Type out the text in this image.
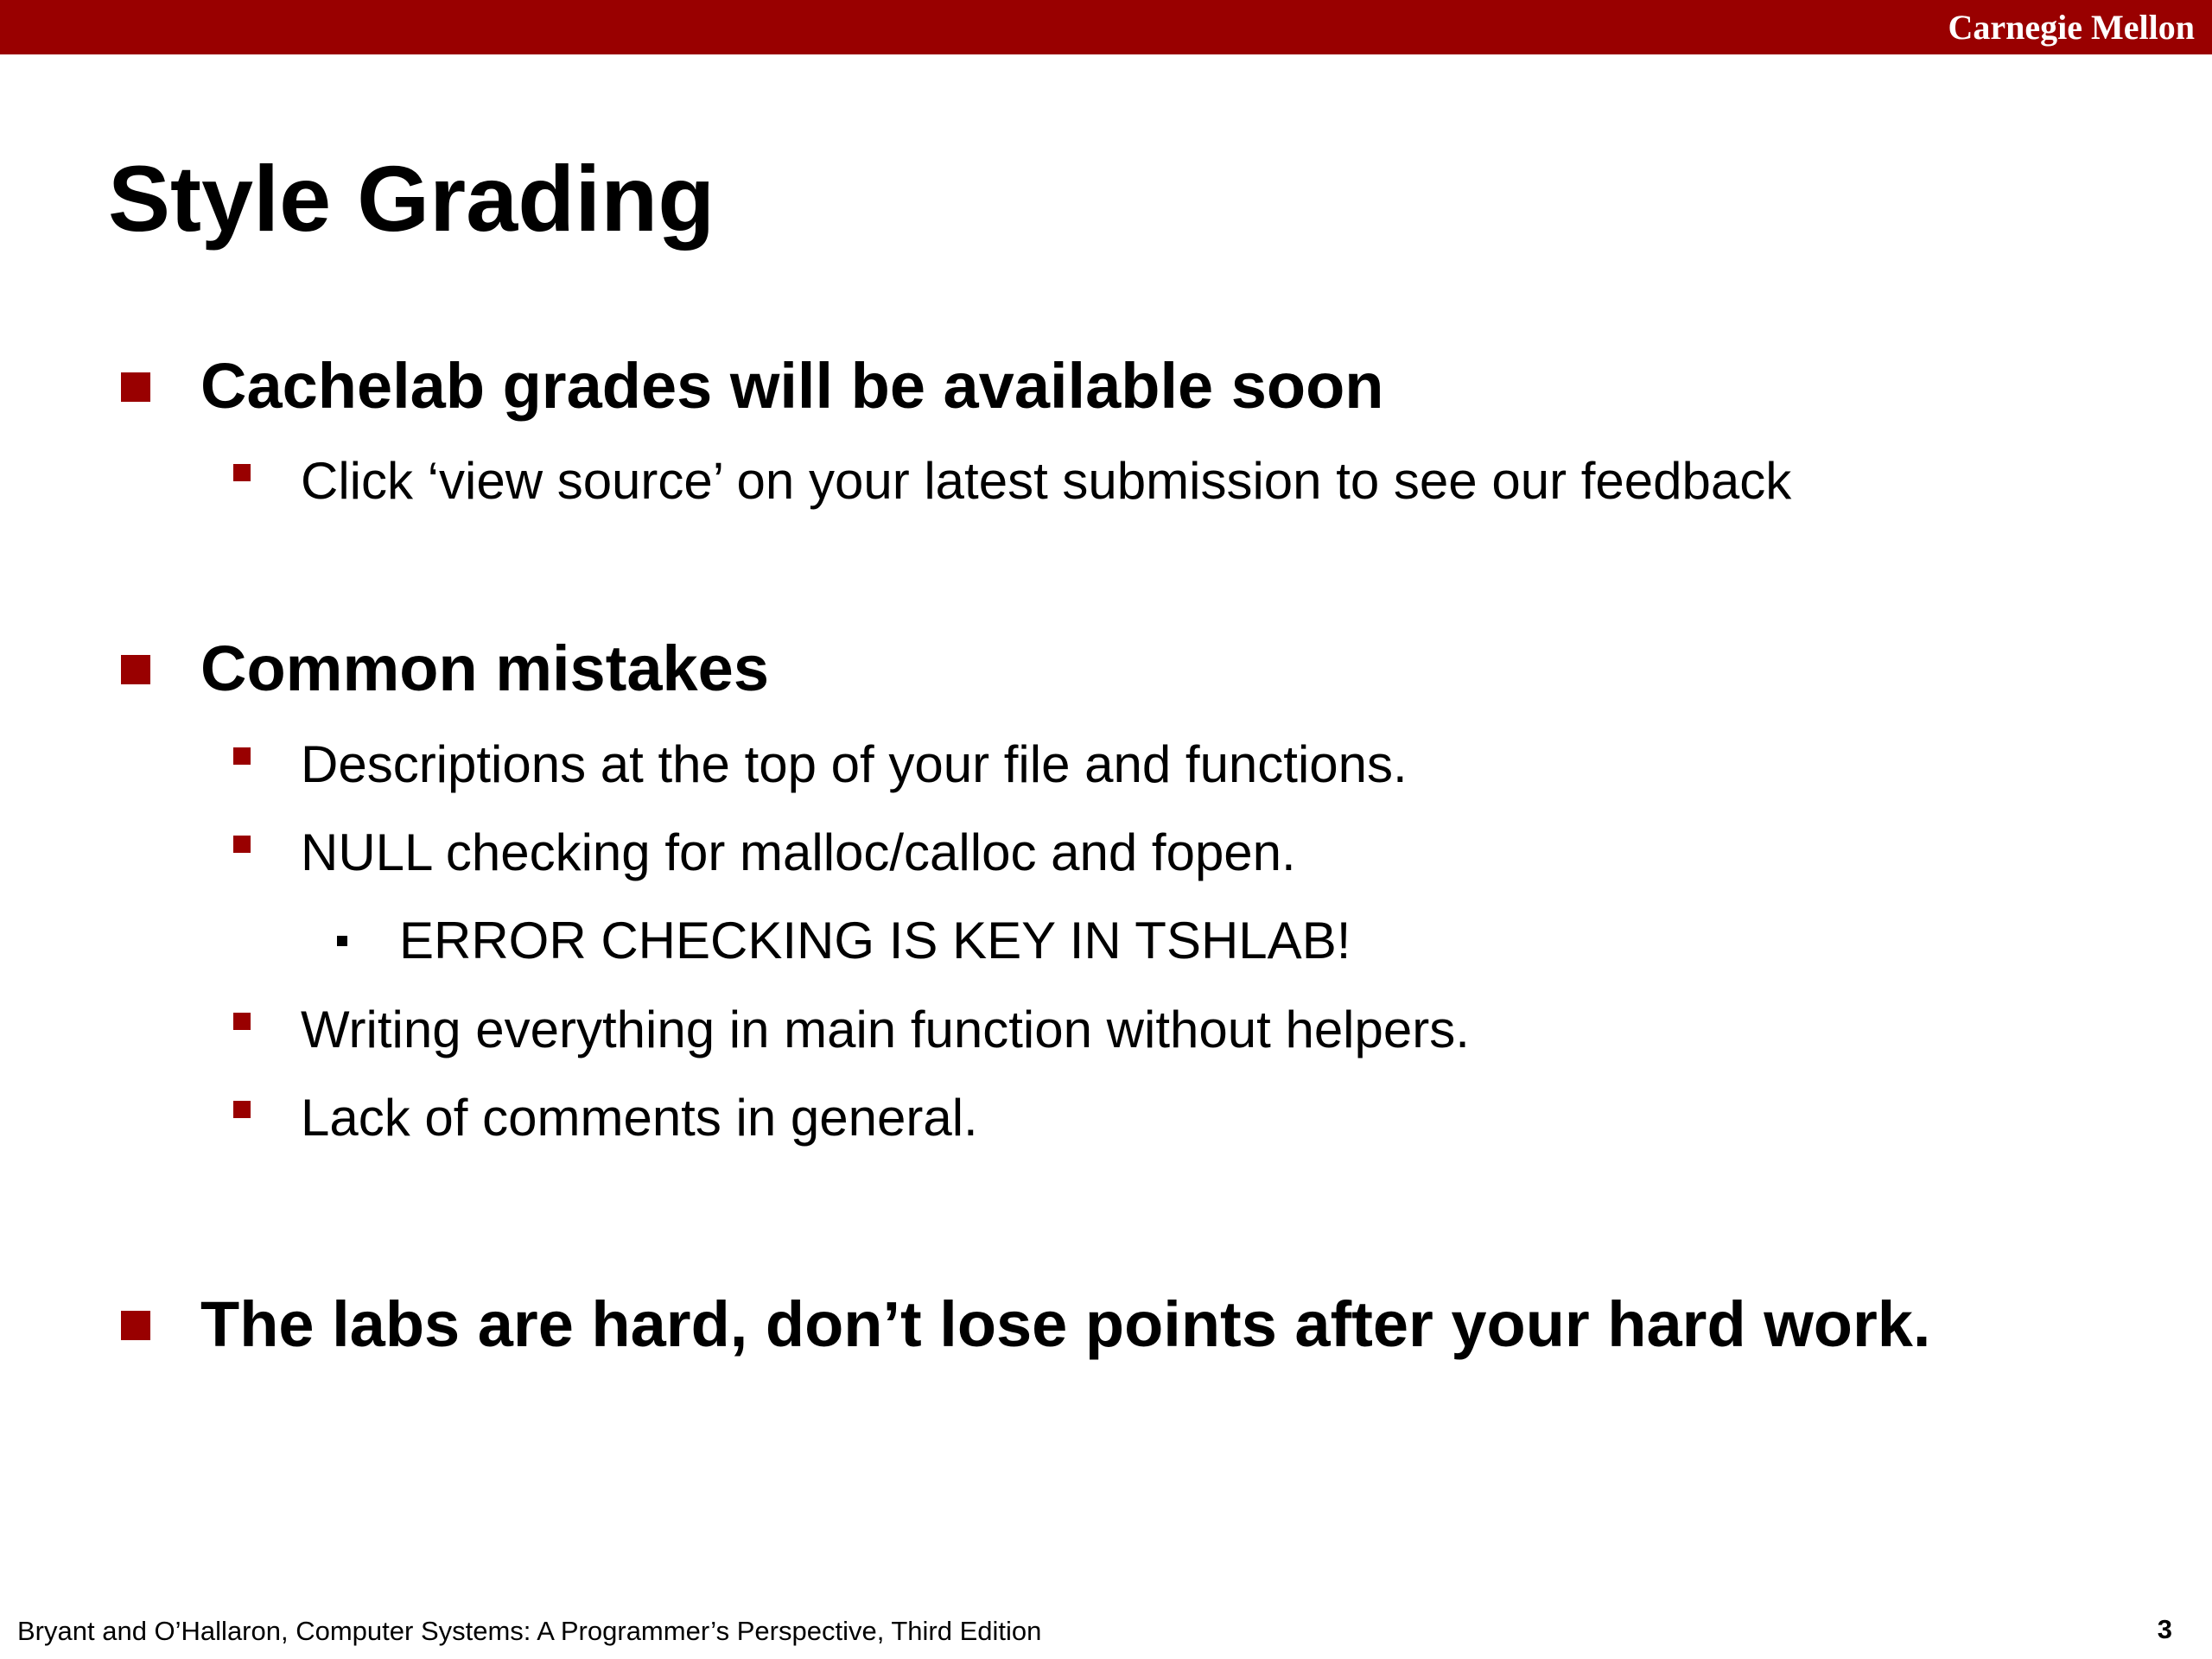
Carnegie Mellon
Style Grading
Cachelab grades will be available soon
Click ‘view source’ on your latest submission to see our feedback
Common mistakes
Descriptions at the top of your file and functions.
NULL checking for malloc/calloc and fopen.
ERROR CHECKING IS KEY IN TSHLAB!
Writing everything in main function without helpers.
Lack of comments in general.
The labs are hard, don’t lose points after your hard work.
Bryant and O’Hallaron, Computer Systems: A Programmer’s Perspective, Third Edition	3
